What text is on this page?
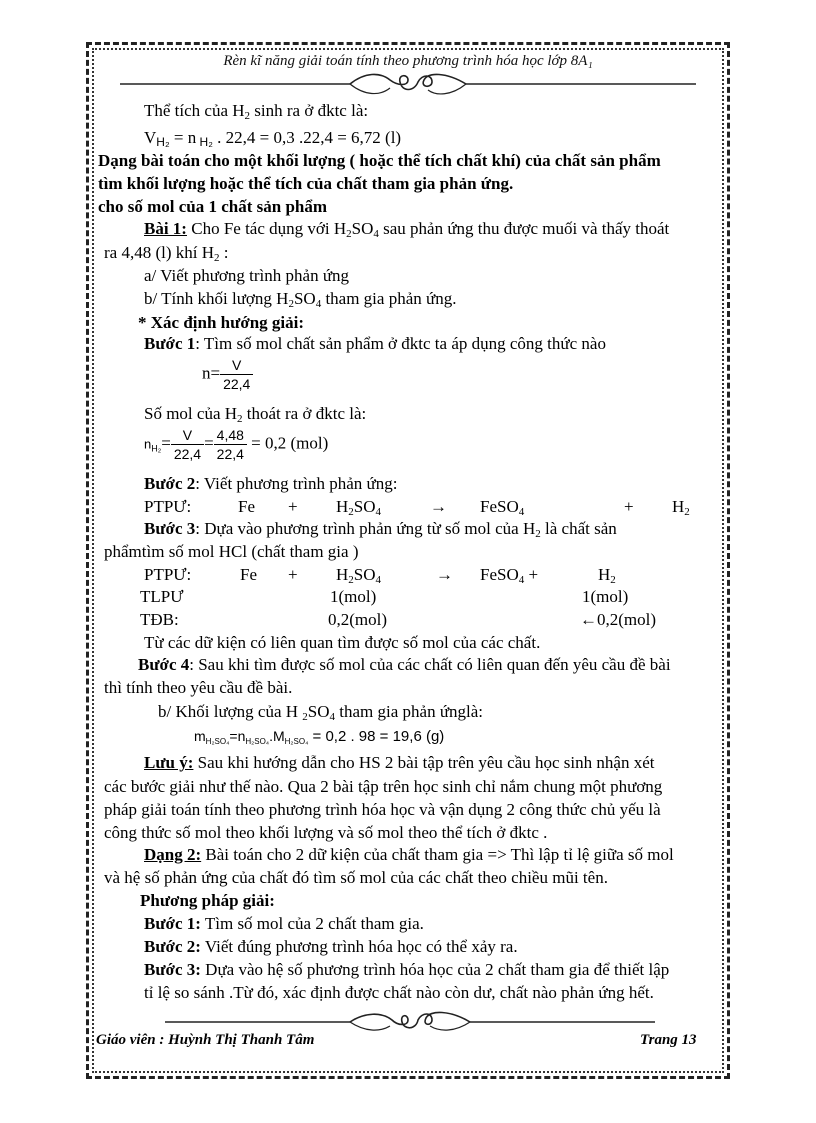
Rèn kĩ năng giải toán tính theo phương trình hóa học lớp 8A₁
Thể tích của $H_2$ sinh ra ở đktc là:
$V_{H_2} = n$ $_{H_2}$ . 22,4 = 0,3 .22,4 = 6,72 (l)
Dạng bài toán cho một khối lượng ( hoặc thể tích chất khí) của chất sản phẩm
tìm khối lượng hoặc thể tích của chất tham gia phản ứng.
cho số mol của 1 chất sản phẩm
Bài 1: Cho Fe tác dụng với $H_2SO_4$ sau phản ứng thu được muối và thấy thoát
ra 4,48 (l) khí $H_2$ :
a/ Viết phương trình phản ứng
b/ Tính khối lượng $H_2SO_4$ tham gia phản ứng.
* Xác định hướng giải:
Bước 1: Tìm số mol chất sản phẩm ở đktc ta áp dụng công thức nào
$n= \frac{V}{22,4}$
Số mol của $H_2$ thoát ra ở đktc là:
$n_{H_2}= \frac{V}{22,4} = \frac{4,48}{22,4} = 0,2$ (mol)
Bước 2: Viết phương trình phản ứng:
PTPƯ:	$Fe + H_2SO_4$	→ FeSO$_4$	+ $H_2$
Bước 3: Dựa vào phương trình phản ứng từ số mol của $H_2$ là chất sản
phẩmtìm số mol HCl (chất tham gia )
PTPƯ:	$Fe + H_2SO_4$	→ FeSO$_4$ +	$H_2$
TLPƯ	1(mol)	1(mol)
TĐB:	0,2(mol)	←0,2(mol)
Từ các dữ kiện có liên quan tìm được số mol của các chất.
Bước 4: Sau khi tìm được số mol của các chất có liên quan đến yêu cầu đề bài
thì tính theo yêu cầu đề bài.
b/ Khối lượng của H $_2SO_4$ tham gia phản ứnglà:
$m_{H_2SO_4}=n_{H_2SO_4}.M_{H_2SO_4} = 0,2$ . 98 = 19,6 (g)
Lưu ý: Sau khi hướng dẫn cho HS 2 bài tập trên yêu cầu học sinh nhận xét
các bước giải như thế nào. Qua 2 bài tập trên học sinh chỉ nắm chung một phương
pháp giải toán tính theo phương trình hóa học và vận dụng 2 công thức chủ yếu là
công thức số mol theo khối lượng và số mol theo thể tích ở đktc .
Dạng 2: Bài toán cho 2 dữ kiện của chất tham gia => Thì lập tỉ lệ giữa số mol
và hệ số phản ứng của chất đó tìm số mol của các chất theo chiều mũi tên.
Phương pháp giải:
Bước 1: Tìm số mol của 2 chất tham gia.
Bước 2: Viết đúng phương trình hóa học có thể xảy ra.
Bước 3: Dựa vào hệ số phương trình hóa học của 2 chất tham gia để thiết lập
tỉ lệ so sánh .Từ đó, xác định được chất nào còn dư, chất nào phản ứng hết.
Giáo viên : Huỳnh Thị Thanh Tâm	Trang 13
